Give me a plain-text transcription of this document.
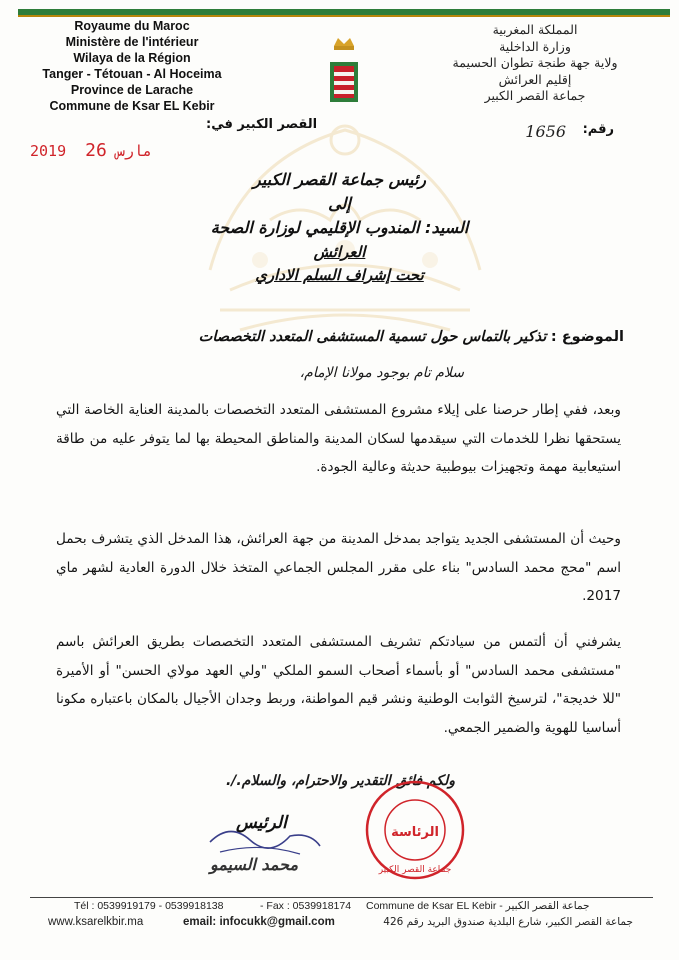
Royaume du Maroc
Ministère de l'intérieur
Wilaya de la Région
Tanger - Tétouan - Al Hoceima
Province de Larache
Commune de Ksar EL Kebir
المملكة المغربية
وزارة الداخلية
ولاية جهة طنجة تطوان الحسيمة
إقليم العرائش
جماعة القصر الكبير
القصر الكبير في:	رقم:
1656
2019	مارس 26
رئيس جماعة القصر الكبير
إلى
السيد: المندوب الإقليمي لوزارة الصحة
العرائش
تحت إشراف السلم الاداري
الموضوع : تذكير بالتماس حول تسمية المستشفى المتعدد التخصصات
سلام تام بوجود مولانا الإمام،
وبعد، ففي إطار حرصنا على إيلاء مشروع المستشفى المتعدد التخصصات بالمدينة العناية الخاصة التي يستحقها نظرا للخدمات التي سيقدمها لسكان المدينة والمناطق المحيطة بها لما يتوفر عليه من طاقة استيعابية مهمة وتجهيزات بيوطبية حديثة وعالية الجودة.
وحيث أن المستشفى الجديد يتواجد بمدخل المدينة من جهة العرائش، هذا المدخل الذي يتشرف بحمل اسم "محج محمد السادس" بناء على مقرر المجلس الجماعي المتخذ خلال الدورة العادية لشهر ماي 2017.
يشرفني أن ألتمس من سيادتكم تشريف المستشفى المتعدد التخصصات بطريق العرائش باسم "مستشفى محمد السادس" أو بأسماء أصحاب السمو الملكي "ولي العهد مولاي الحسن" أو الأميرة "للا خديجة"، لترسيخ الثوابت الوطنية ونشر قيم المواطنة، وربط وجدان الأجيال بالمكان باعتباره مكونا أساسيا للهوية والضمير الجمعي.
ولكم فائق التقدير والاحترام، والسلام./.
الرئاسة
جماعة القصر الكبير
الرئيس
محمد السيمو
Tél : 0539919179 - 0539918138	- Fax : 0539918174 Commune de Ksar EL Kebir - جماعة القصر الكبير
www.ksarelkbir.ma	email: infocukk@gmail.com	جماعة القصر الكبير، شارع البلدية صندوق البريد رقم 426
